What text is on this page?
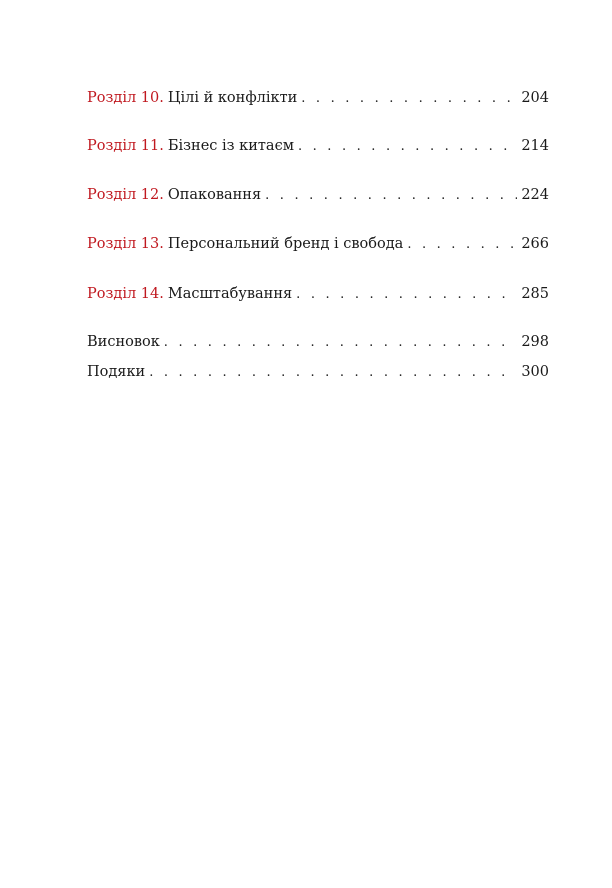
Розділ 10. Цілі й конфлікти . . .	204
Розділ 11. Бізнес із китаєм . . .	214
Розділ 12. Опаковання . . .	224
Розділ 13. Персональний бренд і свобода . . .	266
Розділ 14. Масштабування . . .	285
Висновок . . .	298
Подяки . . .	300
